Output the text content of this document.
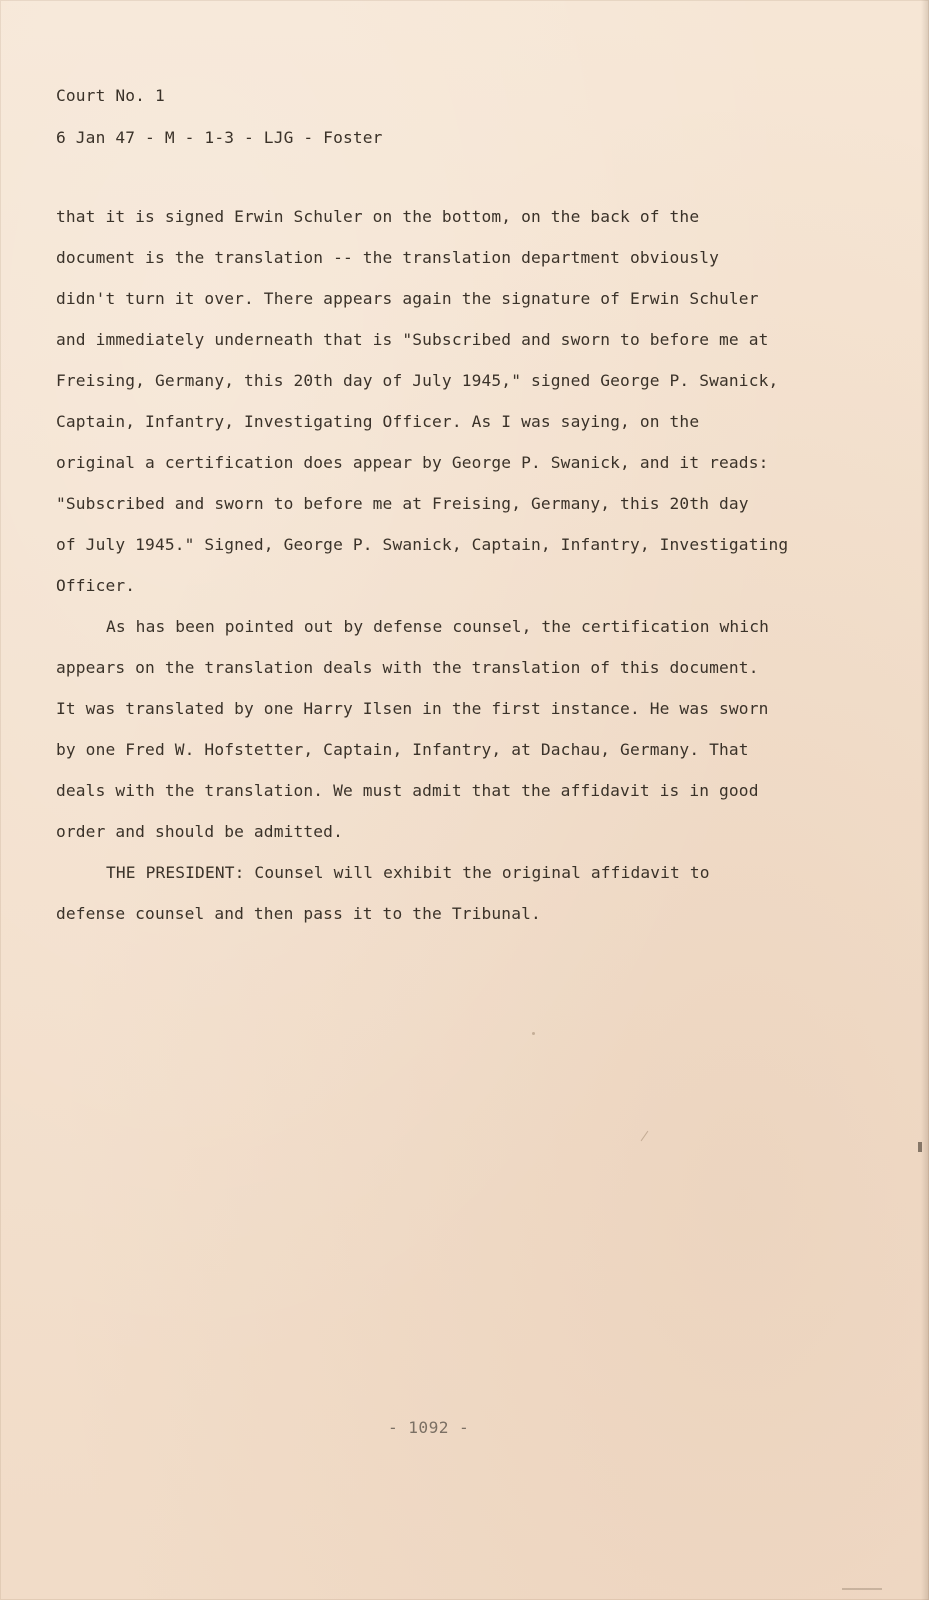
Court No. 1
6 Jan 47 - M - 1-3 - LJG - Foster
that it is signed Erwin Schuler on the bottom, on the back of the
document is the translation -- the translation department obviously
didn't turn it over. There appears again the signature of Erwin Schuler
and immediately underneath that is "Subscribed and sworn to before me at
Freising, Germany, this 20th day of July 1945," signed George P. Swanick,
Captain, Infantry, Investigating Officer. As I was saying, on the
original a certification does appear by George P. Swanick, and it reads:
"Subscribed and sworn to before me at Freising, Germany, this 20th day
of July 1945." Signed, George P. Swanick, Captain, Infantry, Investigating
Officer.
As has been pointed out by defense counsel, the certification which
appears on the translation deals with the translation of this document.
It was translated by one Harry Ilsen in the first instance. He was sworn
by one Fred W. Hofstetter, Captain, Infantry, at Dachau, Germany. That
deals with the translation. We must admit that the affidavit is in good
order and should be admitted.
THE PRESIDENT: Counsel will exhibit the original affidavit to
defense counsel and then pass it to the Tribunal.
- 1092 -
